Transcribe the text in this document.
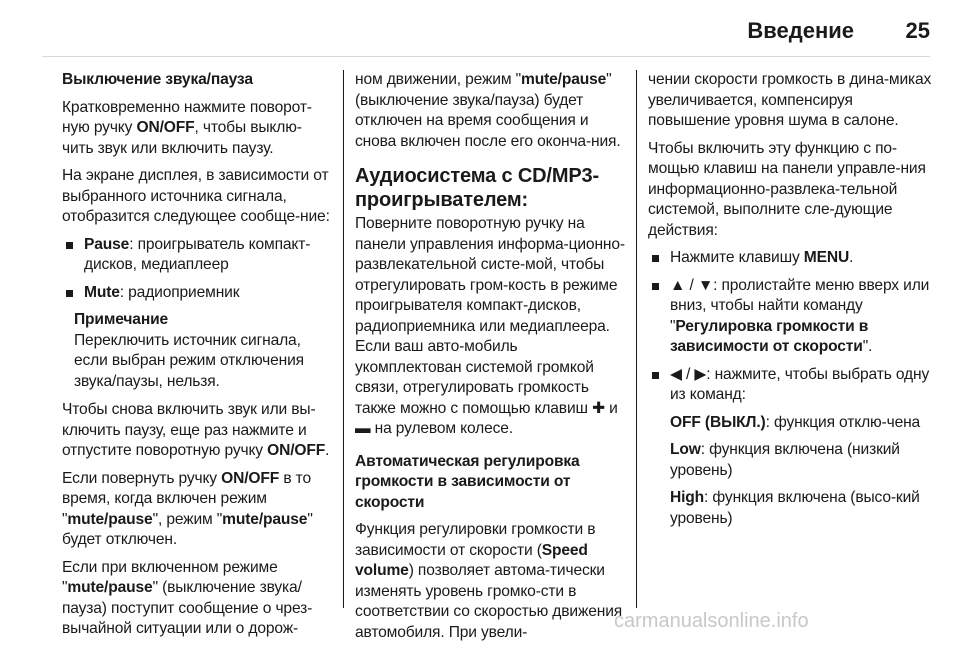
Введение	25

Выключение звука/пауза

Кратковременно нажмите поворот-ную ручку ON/OFF, чтобы выклю-чить звук или включить паузу.

На экране дисплея, в зависимости от выбранного источника сигнала, отобразится следующее сообще-ние:

Pause: проигрыватель компакт-дисков, медиаплеер
Mute: радиоприемник
Примечание
Переключить источник сигнала, если выбран режим отключения звука/паузы, нельзя.

Чтобы снова включить звук или вы-ключить паузу, еще раз нажмите и отпустите поворотную ручку ON/OFF.

Если повернуть ручку ON/OFF в то время, когда включен режим "mute/pause", режим "mute/pause" будет отключен.

Если при включенном режиме "mute/pause" (выключение звука/пауза) поступит сообщение о чрез-вычайной ситуации или о дорож-

ном движении, режим "mute/pause" (выключение звука/пауза) будет отключен на время сообщения и снова включен после его оконча-ния.

Аудиосистема с CD/MP3-проигрывателем:

Поверните поворотную ручку на панели управления информа-ционно-развлекательной систе-мой, чтобы отрегулировать гром-кость в режиме проигрывателя компакт-дисков, радиоприемника или медиаплеера. Если ваш авто-мобиль укомплектован системой громкой связи, отрегулировать громкость также можно с помощью клавиш ✚ и ▬ на рулевом колесе.

Автоматическая регулировка громкости в зависимости от скорости

Функция регулировки громкости в зависимости от скорости (Speed volume) позволяет автома-тически изменять уровень громко-сти в соответствии со скоростью движения автомобиля. При увели-

чении скорости громкость в дина-миках увеличивается, компенсируя повышение уровня шума в салоне.

Чтобы включить эту функцию с по-мощью клавиш на панели управле-ния информационно-развлека-тельной системой, выполните сле-дующие действия:

Нажмите клавишу MENU.
▲ / ▼: пролистайте меню вверх или вниз, чтобы найти команду "Регулировка громкости в зависимости от скорости".
◀ / ▶: нажмите, чтобы выбрать одну из команд:

OFF (ВЫКЛ.): функция отклю-чена

Low: функция включена (низкий уровень)

High: функция включена (высо-кий уровень)

carmanualsonline.info
